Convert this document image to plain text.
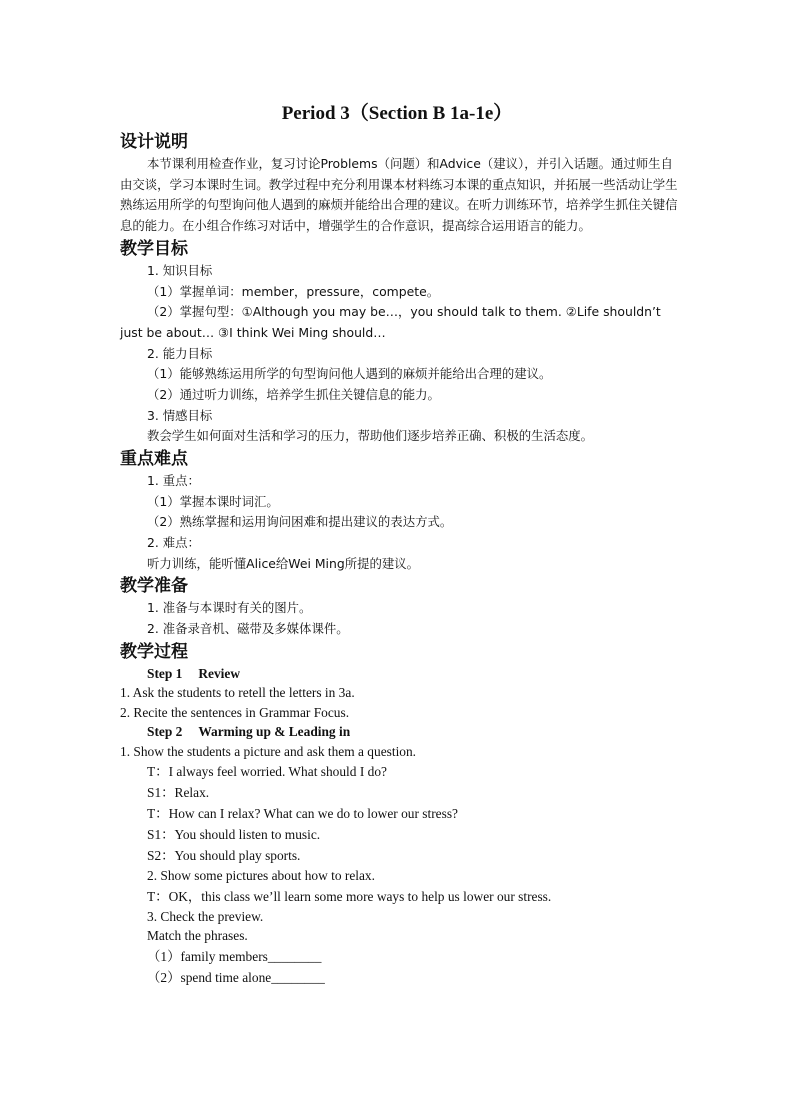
Period 3（Section B 1a-1e）
设计说明

本节课利用检查作业，复习讨论Problems（问题）和Advice（建议），并引入话题。通过师生自由交谈，学习本课时生词。教学过程中充分利用课本材料练习本课的重点知识，并拓展一些活动让学生熟练运用所学的句型询问他人遇到的麻烦并能给出合理的建议。在听力训练环节，培养学生抓住关键信息的能力。在小组合作练习对话中，增强学生的合作意识，提高综合运用语言的能力。

教学目标

1. 知识目标

（1）掌握单词：member，pressure，compete。

（2）掌握句型：①Although you may be…，you should talk to them. ②Life shouldn’t just be about… ③I think Wei Ming should…

2. 能力目标

（1）能够熟练运用所学的句型询问他人遇到的麻烦并能给出合理的建议。

（2）通过听力训练，培养学生抓住关键信息的能力。

3. 情感目标

教会学生如何面对生活和学习的压力，帮助他们逐步培养正确、积极的生活态度。

重点难点

1. 重点：

（1）掌握本课时词汇。

（2）熟练掌握和运用询问困难和提出建议的表达方式。

2. 难点：

听力训练，能听懂Alice给Wei Ming所提的建议。

教学准备

1. 准备与本课时有关的图片。

2. 准备录音机、磁带及多媒体课件。

教学过程

Step 1 Review

1. Ask the students to retell the letters in 3a.

2. Recite the sentences in Grammar Focus.

Step 2 Warming up & Leading in

1. Show the students a picture and ask them a question.

T：I always feel worried. What should I do?

S1：Relax.

T：How can I relax? What can we do to lower our stress?

S1：You should listen to music.

S2：You should play sports.

2. Show some pictures about how to relax.

T：OK，this class we’ll learn some more ways to help us lower our stress.

3. Check the preview.

Match the phrases.

（1）family members________

（2）spend time alone________
